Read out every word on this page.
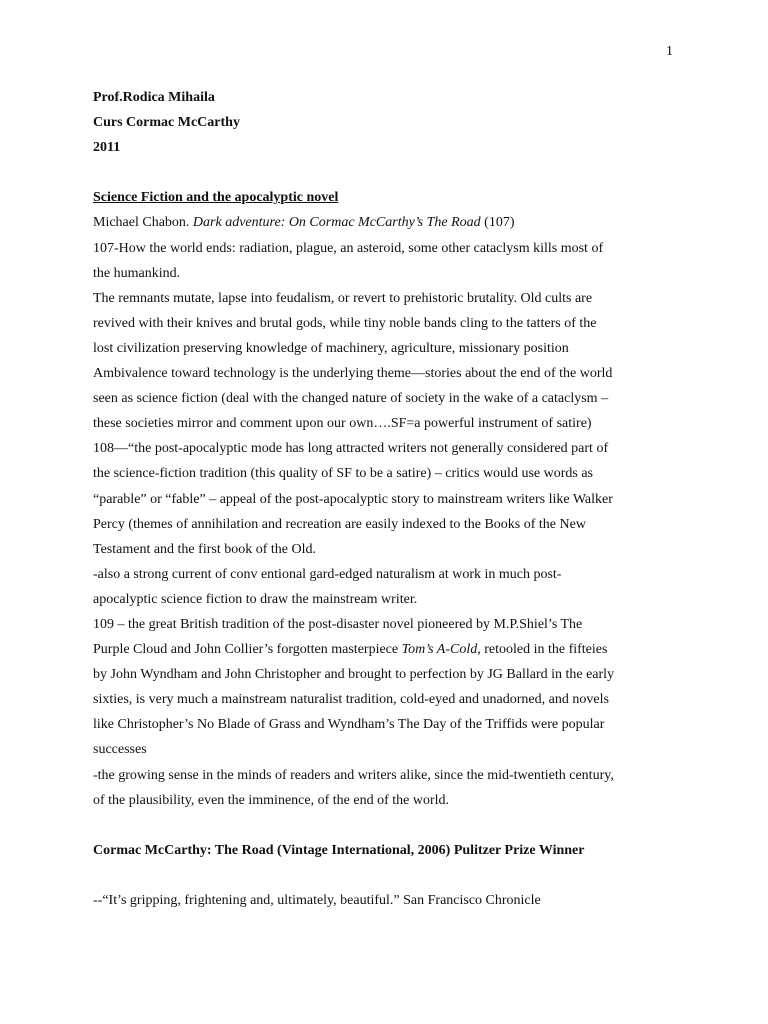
1
Prof.Rodica Mihaila
Curs Cormac McCarthy
2011
Science Fiction and the apocalyptic novel
Michael Chabon. Dark adventure: On Cormac McCarthy’s The Road (107)
107-How the world ends: radiation, plague, an asteroid, some other cataclysm kills most of
the humankind.
The remnants mutate, lapse into feudalism, or revert to prehistoric brutality. Old cults are
revived with their knives and brutal gods, while tiny noble bands cling to the tatters of the
lost civilization preserving knowledge of machinery, agriculture, missionary position
Ambivalence toward technology is the underlying theme—stories about the end of the world
seen as science fiction (deal with the changed nature of society in the wake of a cataclysm –
these societies mirror and comment upon our own….SF=a powerful instrument of satire)
108—“the post-apocalyptic mode has long attracted writers not generally considered part of
the science-fiction tradition (this quality of SF to be a satire) – critics would use words as
“parable” or “fable” – appeal of the post-apocalyptic story to mainstream writers like Walker
Percy (themes of annihilation and recreation are easily indexed to the Books of the New
Testament and the first book of the Old.
-also a strong current of conv entional gard-edged naturalism at work in much post-
apocalyptic science fiction to draw the mainstream writer.
109 – the great British tradition of the post-disaster novel pioneered by M.P.Shiel’s The
Purple Cloud and John Collier’s forgotten masterpiece Tom’s A-Cold, retooled in the fifteies
by John Wyndham and John Christopher and brought to perfection by JG Ballard in the early
sixties, is very much a mainstream naturalist tradition, cold-eyed and unadorned, and novels
like Christopher’s No Blade of Grass and Wyndham’s The Day of the Triffids were popular
successes
-the growing sense in the minds of readers and writers alike, since the mid-twentieth century,
of the plausibility, even the imminence, of the end of the world.
Cormac McCarthy: The Road (Vintage International, 2006) Pulitzer Prize Winner
--“It’s gripping, frightening and, ultimately, beautiful.” San Francisco Chronicle
